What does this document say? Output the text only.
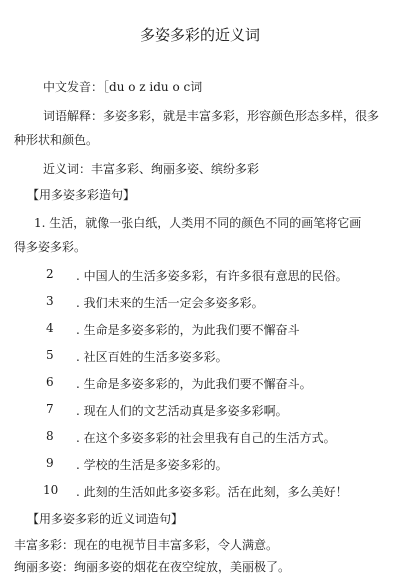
多姿多彩的近义词
中文发音：［du o z idu o c词
词语解释：多姿多彩，就是丰富多彩，形容颜色形态多样，很多
种形状和颜色。
近义词：丰富多彩、绚丽多姿、缤纷多彩
【用多姿多彩造句】
1. 生活，就像一张白纸，人类用不同的颜色不同的画笔将它画
得多姿多彩。
2 . 中国人的生活多姿多彩，有许多很有意思的民俗。
3 . 我们未来的生活一定会多姿多彩。
4 . 生命是多姿多彩的，为此我们要不懈奋斗
5 . 社区百姓的生活多姿多彩。
6 . 生命是多姿多彩的，为此我们要不懈奋斗。
7 . 现在人们的文艺活动真是多姿多彩啊。
8 . 在这个多姿多彩的社会里我有自己的生活方式。
9 . 学校的生活是多姿多彩的。
10 . 此刻的生活如此多姿多彩。活在此刻，多么美好！
【用多姿多彩的近义词造句】
丰富多彩：现在的电视节目丰富多彩，令人满意。
绚丽多姿：绚丽多姿的烟花在夜空绽放，美丽极了。
